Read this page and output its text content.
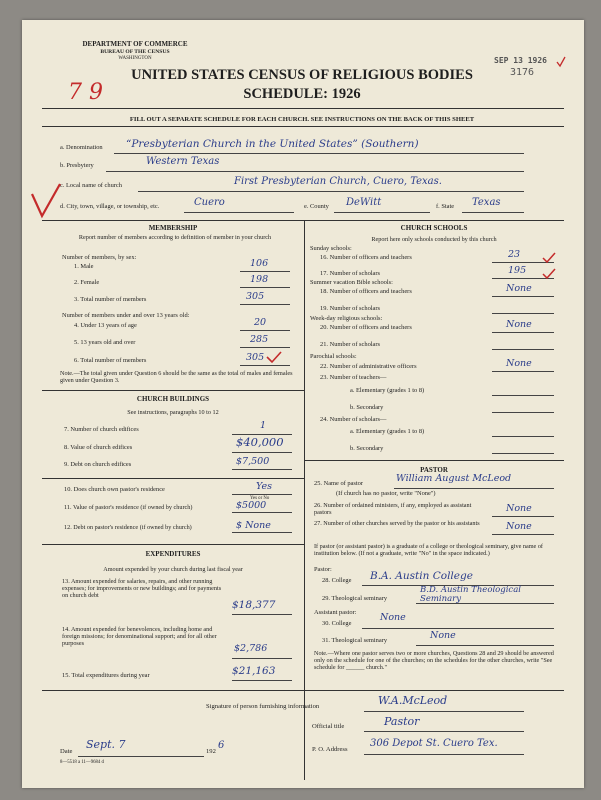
DEPARTMENT OF COMMERCE
BUREAU OF THE CENSUS
WASHINGTON
UNITED STATES CENSUS OF RELIGIOUS BODIES
SCHEDULE: 1926
SEP 13 1926
3176
7 9
FILL OUT A SEPARATE SCHEDULE FOR EACH CHURCH. SEE INSTRUCTIONS ON THE BACK OF THIS SHEET
a. Denomination “Presbyterian Church in the United States” (Southern)
b. Presbytery	Western Texas
c. Local name of church	First Presbyterian Church, Cuero, Texas.
d. City, town, village, or township, etc.	Cuero	e. County DeWitt	f. State Texas
MEMBERSHIP
Report number of members according to definition of member in your church
Number of members, by sex:
1. Male	106
2. Female	198
3. Total number of members	305
Number of members under and over 13 years old:
4. Under 13 years of age	20
5. 13 years old and over	285
6. Total number of members	305
Note.—The total given under Question 6 should be the same as the total of males and females given under Question 3.
CHURCH BUILDINGS
See instructions, paragraphs 10 to 12
7. Number of church edifices	1
8. Value of church edifices	$40,000
9. Debt on church edifices	$7,500
10. Does church own pastor's residence	Yes
Yes or No
11. Value of pastor's residence (if owned by church)	$5000
12. Debt on pastor's residence (if owned by church)	$ None
EXPENDITURES
Amount expended by your church during last fiscal year
13. Amount expended for salaries, repairs, and other running expenses; for improvements or new buildings; and for payments on church debt
$18,377
14. Amount expended for benevolences, including home and foreign missions; for denominational support; and for all other purposes	$2,786
15. Total expenditures during year	$21,163
CHURCH SCHOOLS
Report here only schools conducted by this church
Sunday schools:
16. Number of officers and teachers	23
17. Number of scholars	195
Summer vacation Bible schools:
18. Number of officers and teachers	None
19. Number of scholars
Week-day religious schools:
20. Number of officers and teachers	None
21. Number of scholars
Parochial schools:
22. Number of administrative officers	None
23. Number of teachers—
a. Elementary (grades 1 to 8)
b. Secondary
24. Number of scholars—
a. Elementary (grades 1 to 8)
b. Secondary
PASTOR
25. Name of pastor	William August McLeod
(If church has no pastor, write "None")
26. Number of ordained ministers, if any, employed as assistant pastors	None
27. Number of other churches served by the pastor or his assistants	None
If pastor (or assistant pastor) is a graduate of a college or theological seminary, give name of institution below. (If not a graduate, write "No" in the space indicated.)
Pastor:
28. College B.A. Austin College
29. Theological seminary
B.D. Austin Theological Seminary
Assistant pastor:
30. College
None
31. Theological seminary	None
Note.—Where one pastor serves two or more churches, Questions 28 and 29 should be answered only on the schedule for one of the churches; on the schedules for the other churches, write "See schedule for ______ church."
Signature of person furnishing information	W.A.McLeod
Official title	Pastor
Date
Sept. 7
192
6	P. O. Address
306 Depot St. Cuero Tex.
8—5518 a 11—9684 d
